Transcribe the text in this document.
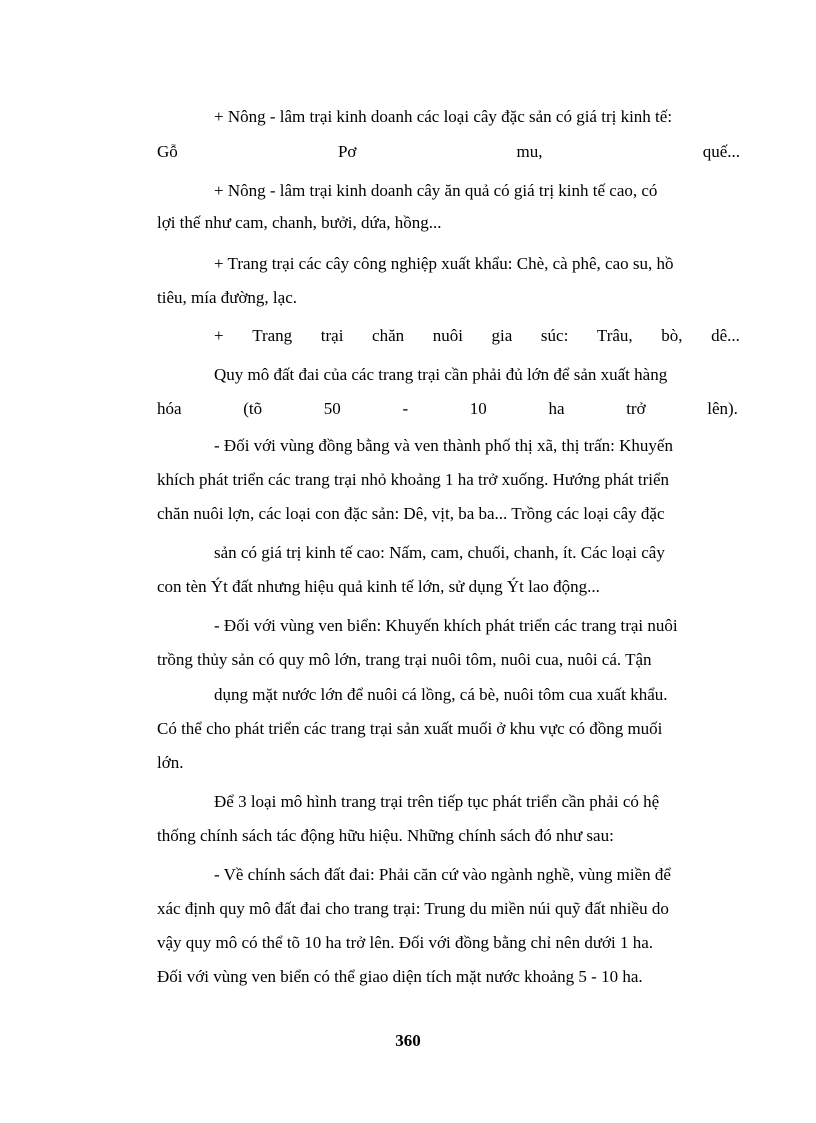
+ Nông - lâm trại kinh doanh các loại cây đặc sản có giá trị kinh tế:
Gỗ	Pơ	mu,	quế...
+ Nông - lâm trại kinh doanh cây ăn quả có giá trị kinh tế cao, có
lợi thế như cam, chanh, bưởi, dứa, hồng...
+ Trang trại các cây công nghiệp xuất khẩu: Chè, cà phê, cao su, hồ
tiêu, mía đường, lạc.
+ Trang trại chăn nuôi gia súc: Trâu, bò, dê...
Quy mô đất đai của các trang trại cần phải đủ lớn để sản xuất hàng
hóa	(tõ	50	-	10	ha	trở	lên).
- Đối với vùng đồng bằng và ven thành phố thị xã, thị trấn: Khuyến
khích phát triển các trang trại nhỏ khoảng 1 ha trở xuống. Hướng phát triển
chăn nuôi lợn, các loại con đặc sản: Dê, vịt, ba ba... Trồng các loại cây đặc
sản có giá trị kinh tế cao: Nấm, cam, chuối, chanh, ít. Các loại cây
con tèn Ýt đất nhưng hiệu quả kinh tế lớn, sử dụng Ýt lao động...
- Đối với vùng ven biển: Khuyến khích phát triển các trang trại nuôi
trồng thủy sản có quy mô lớn, trang trại nuôi tôm, nuôi cua, nuôi cá. Tận
dụng mặt nước lớn để nuôi cá lồng, cá bè, nuôi tôm cua xuất khẩu.
Có thể cho phát triển các trang trại sản xuất muối ở khu vực có đồng muối
lớn.
Để 3 loại mô hình trang trại trên tiếp tục phát triển cần phải có hệ
thống chính sách tác động hữu hiệu. Những chính sách đó như sau:
- Về chính sách đất đai: Phải căn cứ vào ngành nghề, vùng miền để
xác định quy mô đất đai cho trang trại: Trung du miền núi quỹ đất nhiều do
vậy quy mô có thể tõ 10 ha trở lên. Đối với đồng bằng chỉ nên dưới 1 ha.
Đối với vùng ven biển có thể giao diện tích mặt nước khoảng 5 - 10 ha.
360
